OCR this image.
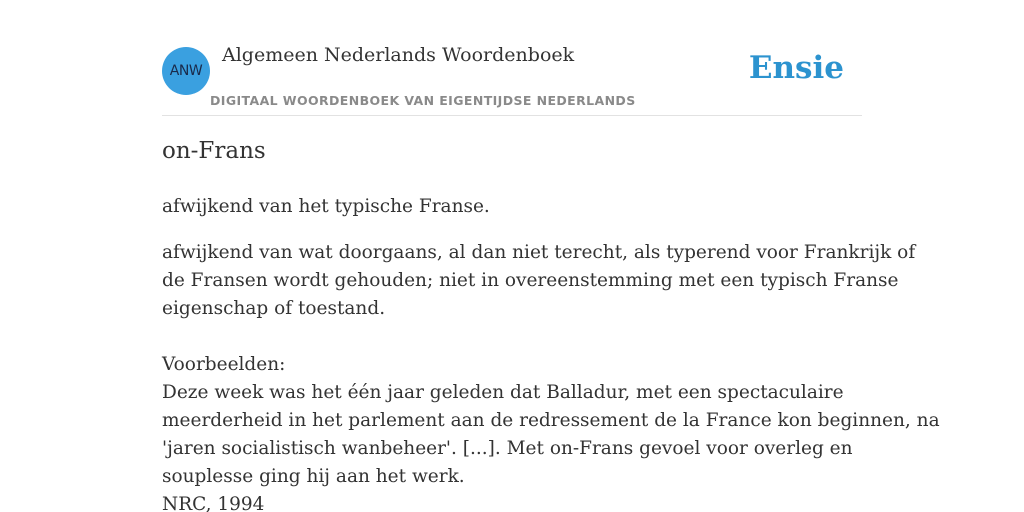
ANW
Algemeen Nederlands Woordenboek
DIGITAAL WOORDENBOEK VAN EIGENTIJDSE NEDERLANDS
Ensie
on-Frans
afwijkend van het typische Franse.

afwijkend van wat doorgaans, al dan niet terecht, als typerend voor Frankrijk of

de Fransen wordt gehouden; niet in overeenstemming met een typisch Franse

eigenschap of toestand.

Voorbeelden:

Deze week was het één jaar geleden dat Balladur, met een spectaculaire

meerderheid in het parlement aan de redressement de la France kon beginnen, na

'jaren socialistisch wanbeheer'. [...]. Met on-Frans gevoel voor overleg en

souplesse ging hij aan het werk.

NRC, 1994
